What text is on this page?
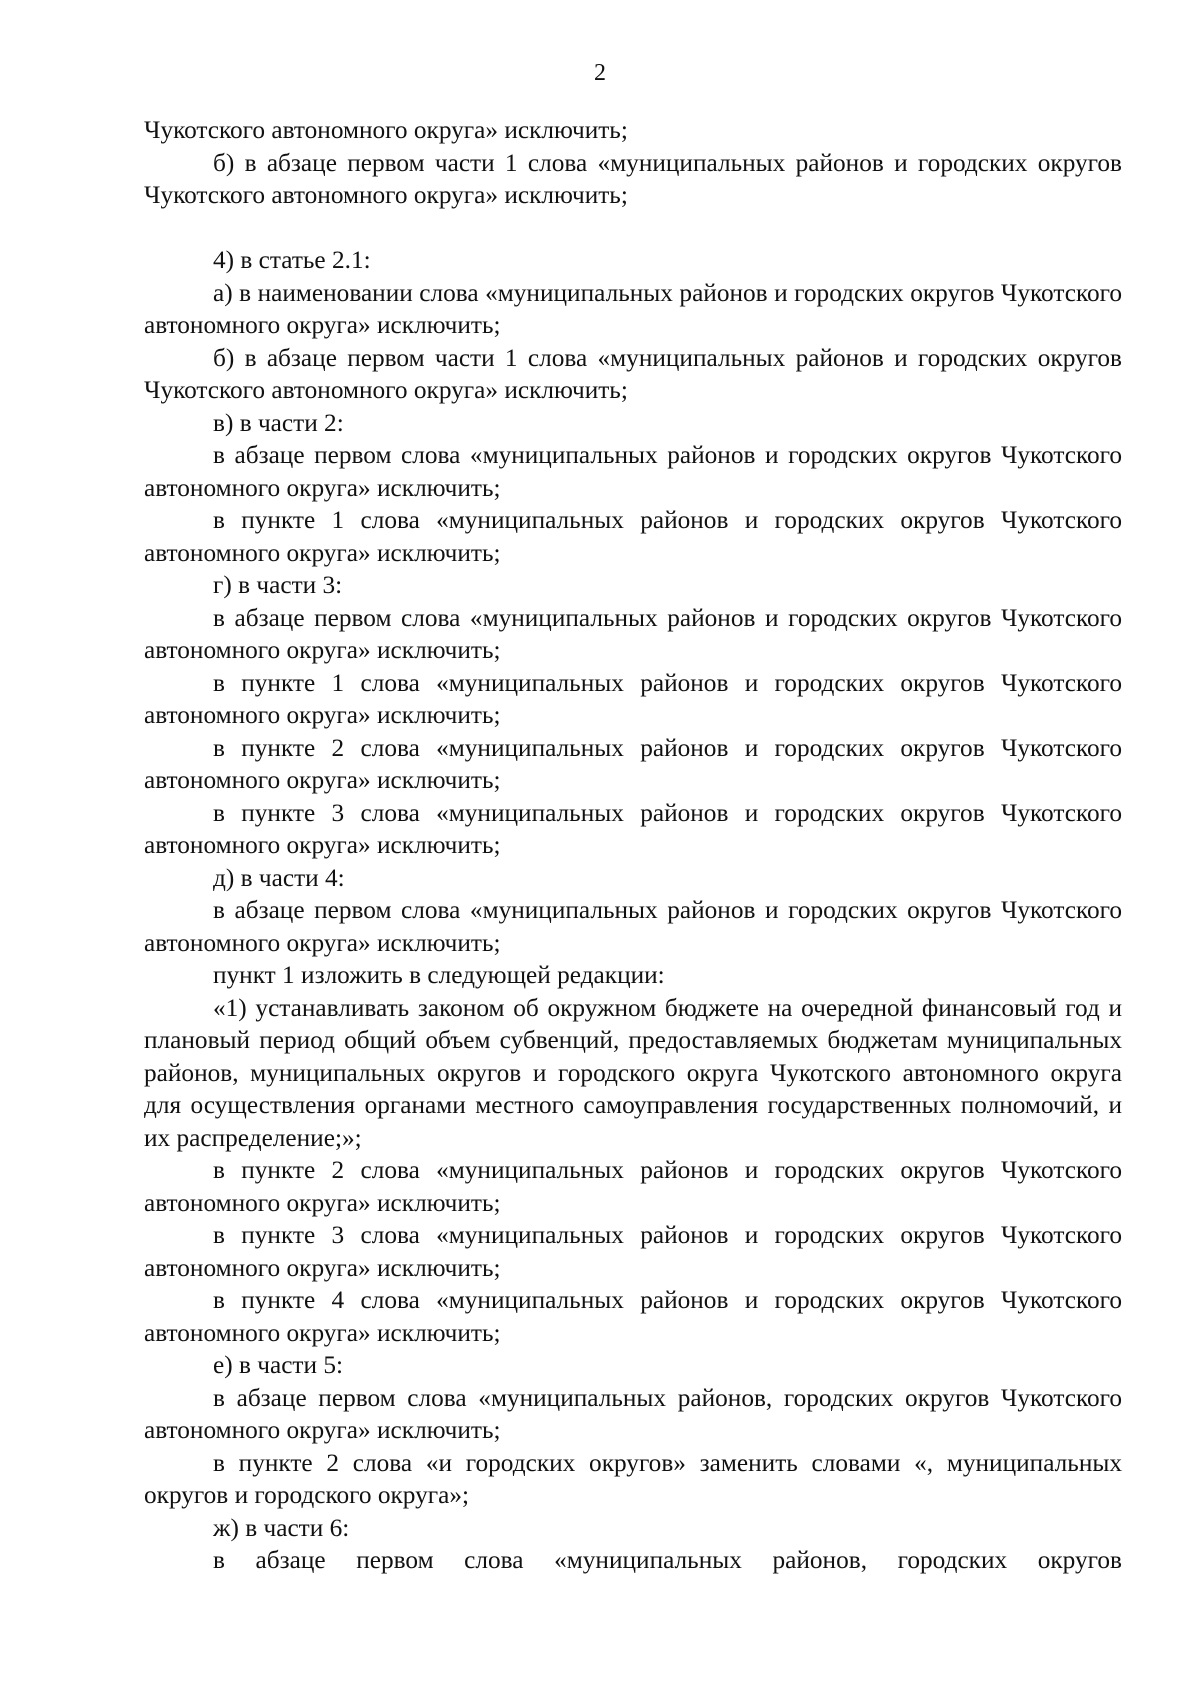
2

Чукотского автономного округа» исключить;

б) в абзаце первом части 1 слова «муниципальных районов и городских округов Чукотского автономного округа» исключить;

4) в статье 2.1:

а) в наименовании слова «муниципальных районов и городских округов Чукотского автономного округа» исключить;

б) в абзаце первом части 1 слова «муниципальных районов и городских округов Чукотского автономного округа» исключить;

в) в части 2:

в абзаце первом слова «муниципальных районов и городских округов Чукотского автономного округа» исключить;

в пункте 1 слова «муниципальных районов и городских округов Чукотского автономного округа» исключить;

г) в части 3:

в абзаце первом слова «муниципальных районов и городских округов Чукотского автономного округа» исключить;

в пункте 1 слова «муниципальных районов и городских округов Чукотского автономного округа» исключить;

в пункте 2 слова «муниципальных районов и городских округов Чукотского автономного округа» исключить;

в пункте 3 слова «муниципальных районов и городских округов Чукотского автономного округа» исключить;

д) в части 4:

в абзаце первом слова «муниципальных районов и городских округов Чукотского автономного округа» исключить;

пункт 1 изложить в следующей редакции:

«1) устанавливать законом об окружном бюджете на очередной финансовый год и плановый период общий объем субвенций, предоставляемых бюджетам муниципальных районов, муниципальных округов и городского округа Чукотского автономного округа для осуществления органами местного самоуправления государственных полномочий, и их распределение;»;

в пункте 2 слова «муниципальных районов и городских округов Чукотского автономного округа» исключить;

в пункте 3 слова «муниципальных районов и городских округов Чукотского автономного округа» исключить;

в пункте 4 слова «муниципальных районов и городских округов Чукотского автономного округа» исключить;

е) в части 5:

в абзаце первом слова «муниципальных районов, городских округов Чукотского автономного округа» исключить;

в пункте 2 слова «и городских округов» заменить словами «, муниципальных округов и городского округа»;

ж) в части 6:

в абзаце первом слова «муниципальных районов, городских округов
